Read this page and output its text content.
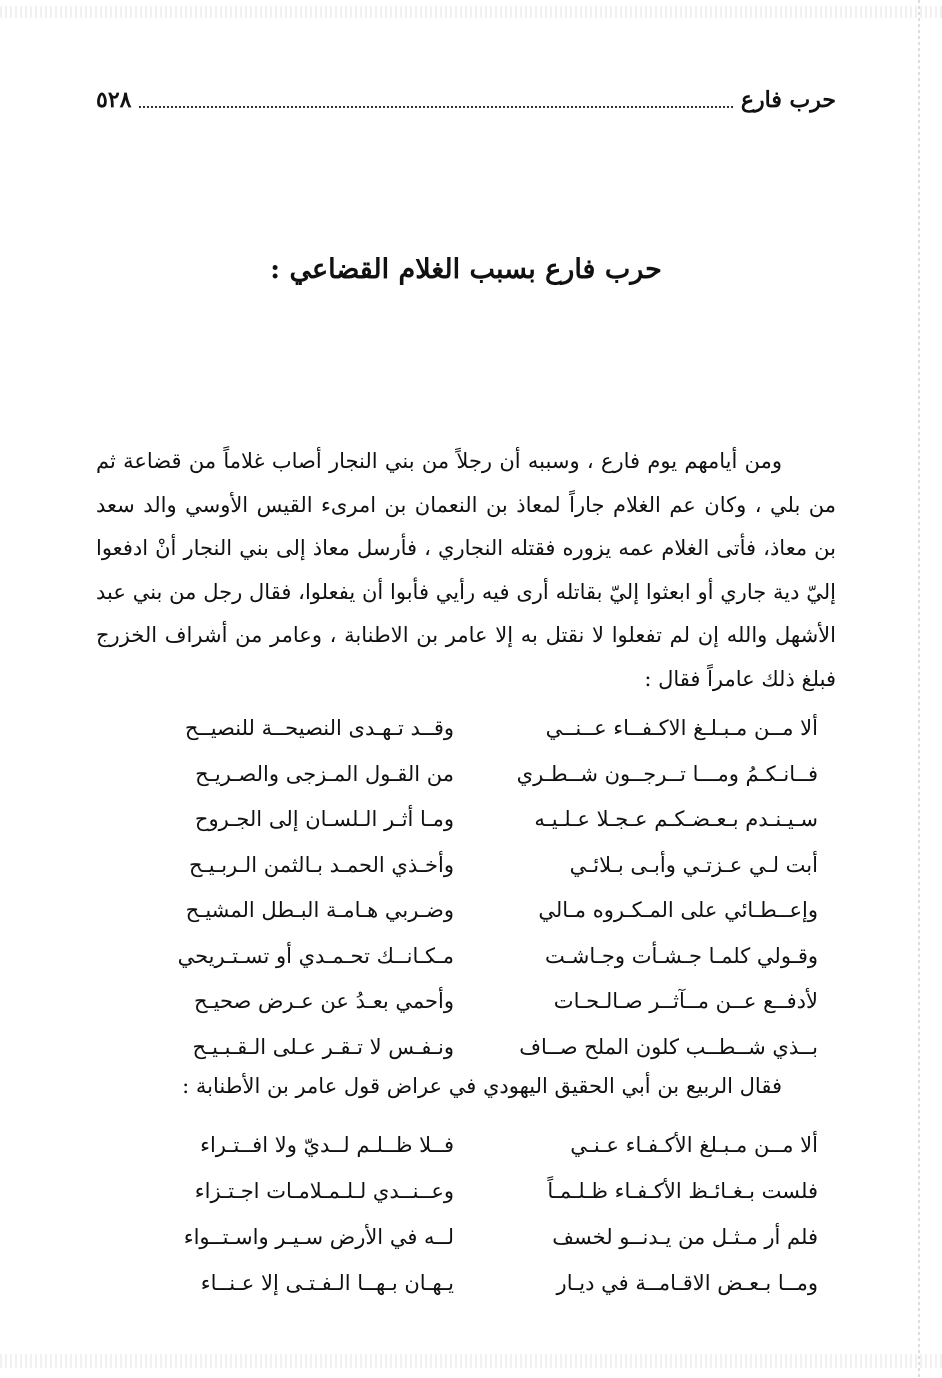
حرب فارع
٥٢٨
حرب فارع بسبب الغلام القضاعي :

ومن أيامهم يوم فارع ، وسببه أن رجلاً من بني النجار أصاب غلاماً من قضاعة ثم من بلي ، وكان عم الغلام جاراً لمعاذ بن النعمان بن امرىء القيس الأوسي والد سعد بن معاذ، فأتى الغلام عمه يزوره فقتله النجاري ، فأرسل معاذ إلى بني النجار أنْ ادفعوا إليّ دية جاري أو ابعثوا إليّ بقاتله أرى فيه رأيي فأبوا أن يفعلوا، فقال رجل من بني عبد الأشهل والله إن لم تفعلوا لا نقتل به إلا عامر بن الاطنابة ، وعامر من أشراف الخزرج فبلغ ذلك عامراً فقال :

ألا مــن مـبـلـغ الاكـفــاء عــنــي
وقــد تـهـدى النصيحــة للنصيــح
فــانـكـمُ ومـــا تــرجــون شــطـري
من القـول المـزجى والصـريـح
سـيـنـدم بـعـضـكـم عـجـلا عـلـيـه
ومـا أثـر الـلسـان إلى الجـروح
أبت لـي عـزتـي وأبـى بـلائـي
وأخـذي الحمـد بـالثمن الـربـيـح
وإعــطـائي على المـكـروه مـالي
وضـربي هـامـة البـطل المشيـح
وقـولي كلمـا جـشـأت وجـاشـت
مـكـانــك تحـمـدي أو تسـتـريحي
لأدفــع عــن مــآثــر صـالـحـات
وأحمي بعـدُ عن عـرض صحيـح
بــذي شــطــب كلون الملح صــاف
ونـفـس لا تـقـر عـلى الـقـبـيـح
فقال الربيع بن أبي الحقيق اليهودي في عراض قول عامر بن الأطنابة :
ألا مــن مـبـلغ الأكـفـاء عـنـي
فــلا ظــلـم لــديّ ولا افــتـراء
فلست بـغـائـظ الأكـفـاء ظـلـمـاً
وعــنــدي لـلـمـلامـات اجـتـزاء
فلم أر مـثـل من يـدنــو لخسف
لــه في الأرض سـيـر واسـتــواء
ومــا بـعـض الاقـامــة في ديـار
يـهـان بـهــا الـفـتـى إلا عـنــاء
